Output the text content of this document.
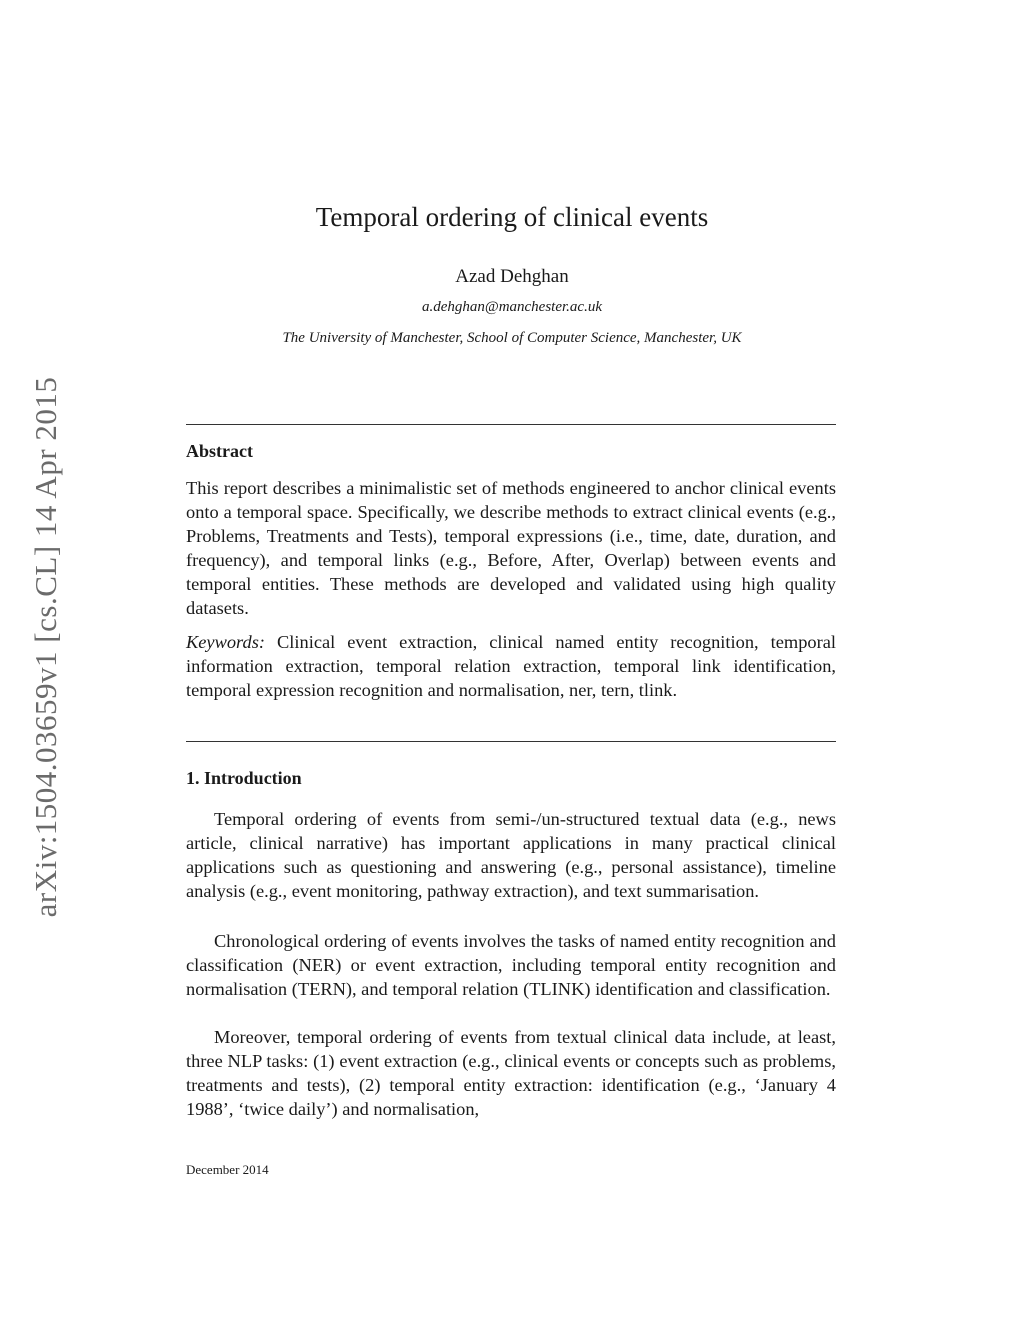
arXiv:1504.03659v1 [cs.CL] 14 Apr 2015
Temporal ordering of clinical events
Azad Dehghan
a.dehghan@manchester.ac.uk
The University of Manchester, School of Computer Science, Manchester, UK
Abstract
This report describes a minimalistic set of methods engineered to anchor clinical events onto a temporal space. Specifically, we describe methods to extract clinical events (e.g., Problems, Treatments and Tests), temporal expressions (i.e., time, date, duration, and frequency), and temporal links (e.g., Before, After, Overlap) between events and temporal entities. These methods are developed and validated using high quality datasets.
Keywords: Clinical event extraction, clinical named entity recognition, temporal information extraction, temporal relation extraction, temporal link identification, temporal expression recognition and normalisation, ner, tern, tlink.
1. Introduction
Temporal ordering of events from semi-/un-structured textual data (e.g., news article, clinical narrative) has important applications in many practical clinical applications such as questioning and answering (e.g., personal assistance), timeline analysis (e.g., event monitoring, pathway extraction), and text summarisation.
Chronological ordering of events involves the tasks of named entity recognition and classification (NER) or event extraction, including temporal entity recognition and normalisation (TERN), and temporal relation (TLINK) identification and classification.
Moreover, temporal ordering of events from textual clinical data include, at least, three NLP tasks: (1) event extraction (e.g., clinical events or concepts such as problems, treatments and tests), (2) temporal entity extraction: identification (e.g., ‘January 4 1988’, ‘twice daily’) and normalisation,
December 2014
